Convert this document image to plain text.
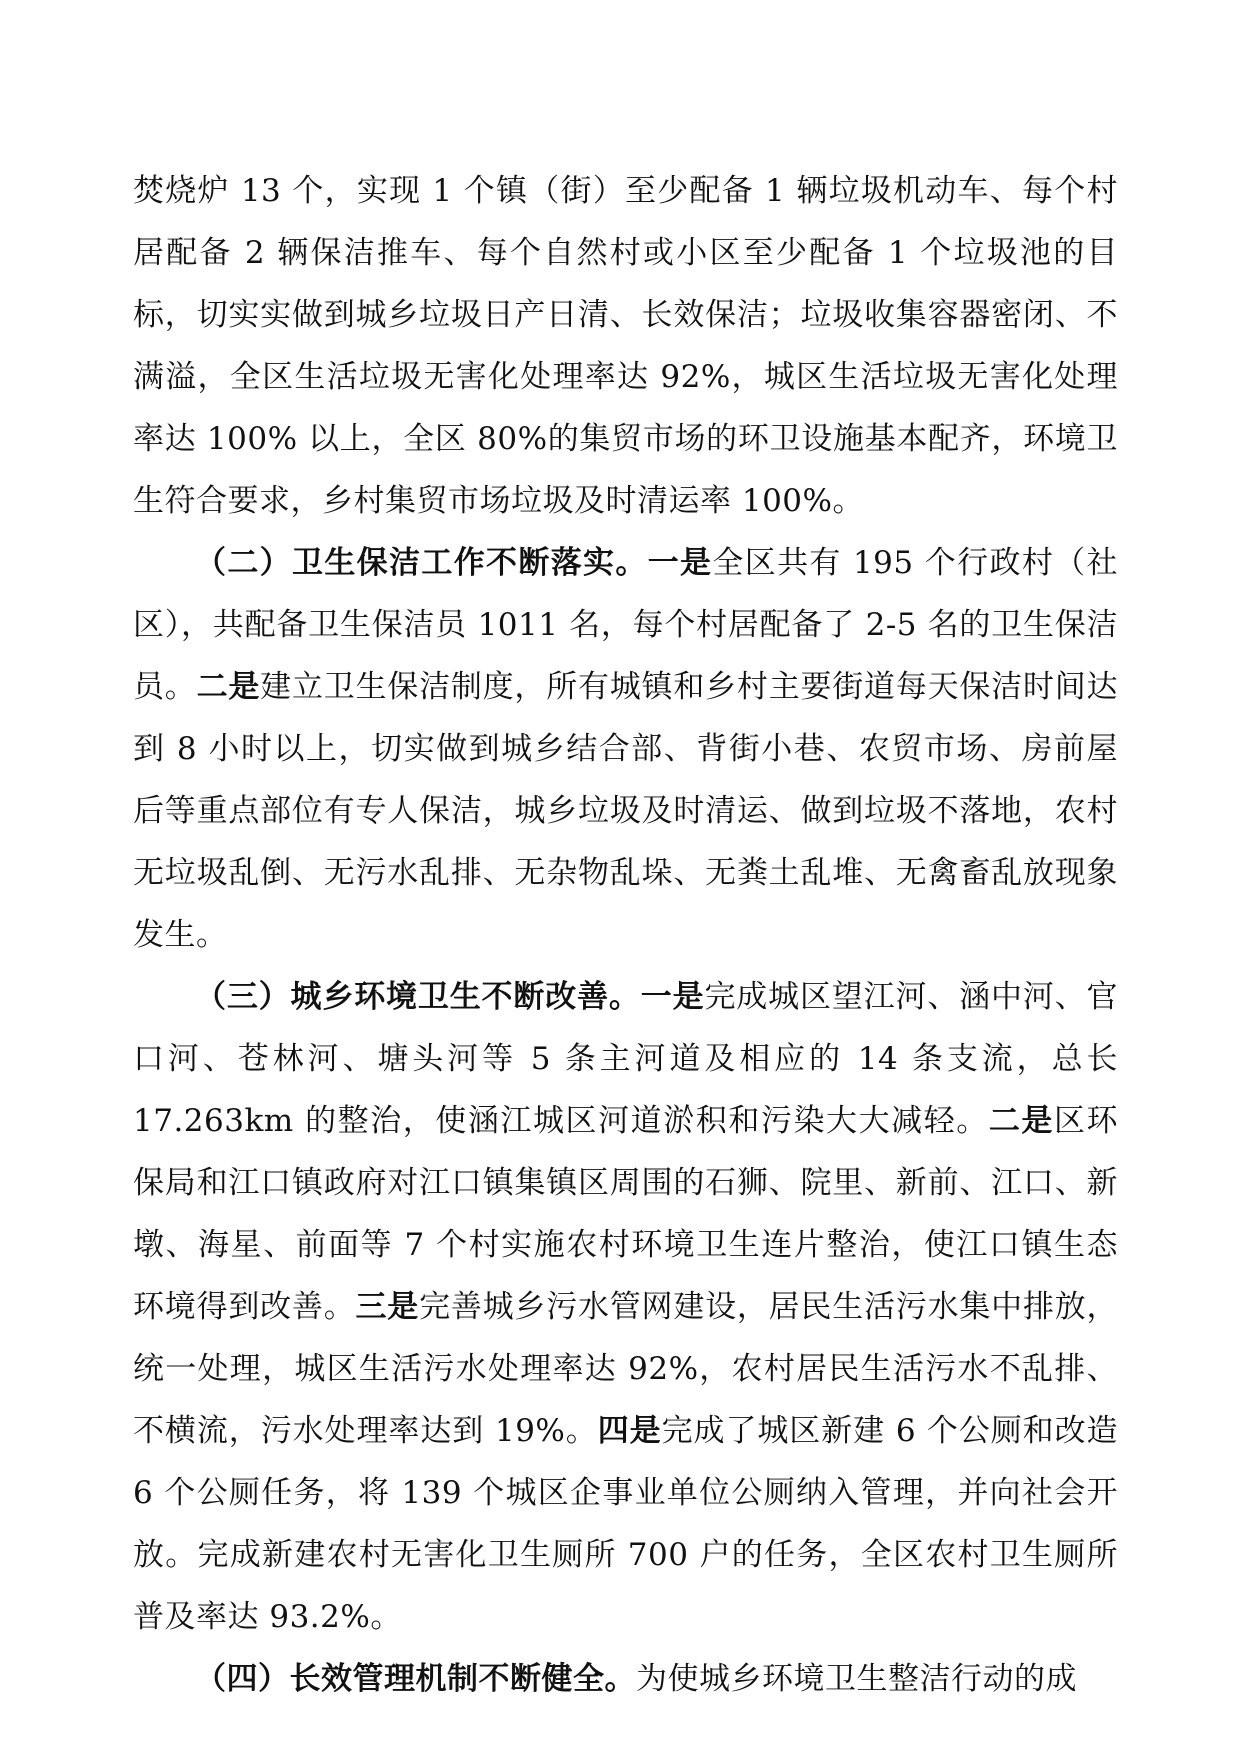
焚烧炉 13 个，实现 1 个镇（街）至少配备 1 辆垃圾机动车、每个村居配备 2 辆保洁推车、每个自然村或小区至少配备 1 个垃圾池的目标，切实实做到城乡垃圾日产日清、长效保洁；垃圾收集容器密闭、不满溢，全区生活垃圾无害化处理率达 92%，城区生活垃圾无害化处理率达 100% 以上，全区 80%的集贸市场的环卫设施基本配齐，环境卫生符合要求，乡村集贸市场垃圾及时清运率 100%。

（二）卫生保洁工作不断落实。一是全区共有 195 个行政村（社区），共配备卫生保洁员 1011 名，每个村居配备了 2-5 名的卫生保洁员。二是建立卫生保洁制度，所有城镇和乡村主要街道每天保洁时间达到 8 小时以上，切实做到城乡结合部、背街小巷、农贸市场、房前屋后等重点部位有专人保洁，城乡垃圾及时清运、做到垃圾不落地，农村无垃圾乱倒、无污水乱排、无杂物乱垛、无粪土乱堆、无禽畜乱放现象发生。

（三）城乡环境卫生不断改善。一是完成城区望江河、涵中河、官口河、苍林河、塘头河等 5 条主河道及相应的 14 条支流，总长 17.263km 的整治，使涵江城区河道淤积和污染大大减轻。二是区环保局和江口镇政府对江口镇集镇区周围的石狮、院里、新前、江口、新墩、海星、前面等 7 个村实施农村环境卫生连片整治，使江口镇生态环境得到改善。三是完善城乡污水管网建设，居民生活污水集中排放，统一处理，城区生活污水处理率达 92%，农村居民生活污水不乱排、不横流，污水处理率达到 19%。四是完成了城区新建 6 个公厕和改造 6 个公厕任务，将 139 个城区企事业单位公厕纳入管理，并向社会开放。完成新建农村无害化卫生厕所 700 户的任务，全区农村卫生厕所普及率达 93.2%。

（四）长效管理机制不断健全。为使城乡环境卫生整洁行动的成
